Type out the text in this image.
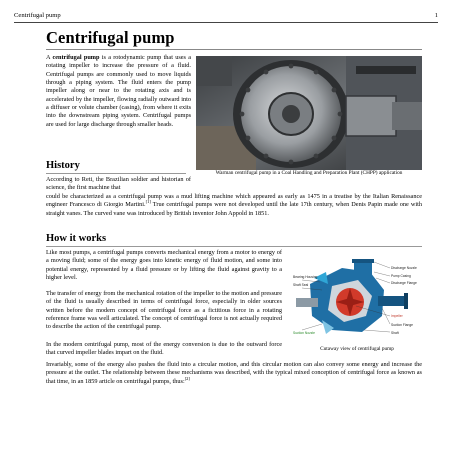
Centrifugal pump	1
Centrifugal pump

A centrifugal pump is a rotodynamic pump that uses a rotating impeller to increase the pressure of a fluid. Centrifugal pumps are commonly used to move liquids through a piping system. The fluid enters the pump impeller along or near to the rotating axis and is accelerated by the impeller, flowing radially outward into a diffuser or volute chamber (casing), from where it exits into the downstream piping system. Centrifugal pumps are used for large discharge through smaller heads.

Warman centrifugal pump in a Coal Handling and Preparation Plant (CHPP) application
History

According to Reti, the Brazilian soldier and historian of science, the first machine that

could be characterized as a centrifugal pump was a mud lifting machine which appeared as early as 1475 in a treatise by the Italian Renaissance engineer Francesco di Giorgio Martini.[1] True centrifugal pumps were not developed until the late 17th century, when Denis Papin made one with straight vanes. The curved vane was introduced by British inventor John Appold in 1851.

How it works

Like most pumps, a centrifugal pumps converts mechanical energy from a motor to energy of a moving fluid; some of the energy goes into kinetic energy of fluid motion, and some into potential energy, represented by a fluid pressure or by lifting the fluid against gravity to a higher level.

The transfer of energy from the mechanical rotation of the impeller to the motion and pressure of the fluid is usually described in terms of centrifugal force, especially in older sources written before the modern concept of centrifugal force as a fictitious force in a rotating reference frame was well articulated. The concept of centrifugal force is not actually required to describe the action of the centrifugal pump.

In the modern centrifugal pump, most of the energy conversion is due to the outward force that curved impeller blades impart on the fluid.

Invariably, some of the energy also pushes the fluid into a circular motion, and this circular motion can also convey some energy and increase the pressure at the outlet. The relationship between these mechanisms was described, with the typical mixed conception of centrifugal force as known as that time, in an 1859 article on centrifugal pumps, thus:[2]

Discharge Nozzle
Pump Casing
Discharge Flange
Bearing Housing
Shaft Seal
Impeller
Suction Nozzle
Suction Flange
Shaft
Cutaway view of centrifugal pump
